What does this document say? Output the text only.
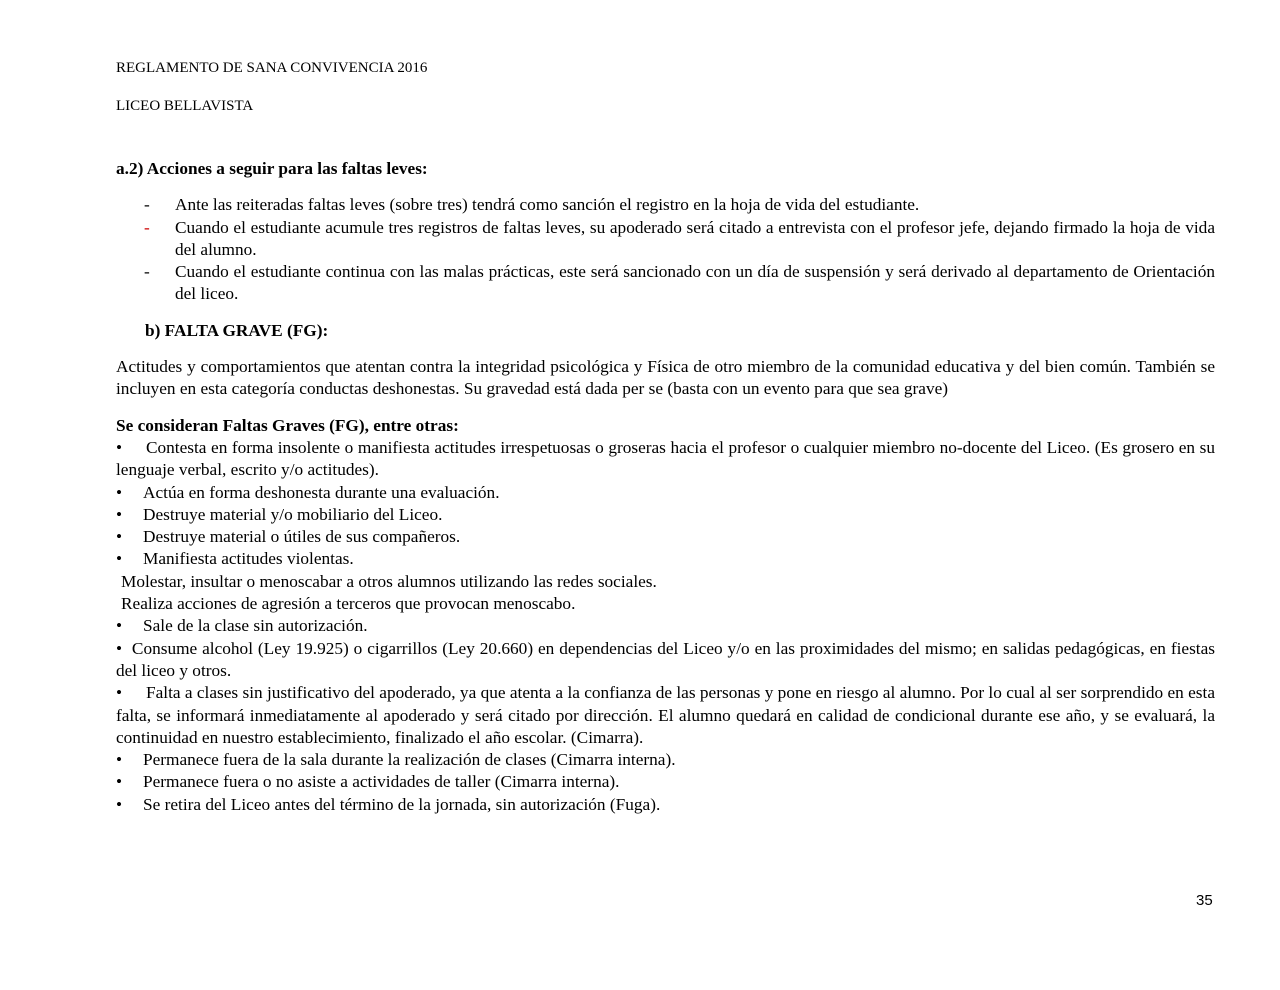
REGLAMENTO DE SANA CONVIVENCIA 2016
LICEO BELLAVISTA
a.2) Acciones a seguir para las faltas leves:
- Ante las reiteradas faltas leves (sobre tres) tendrá como sanción el registro en la hoja de vida del estudiante.
- Cuando el estudiante acumule tres registros de faltas leves, su apoderado será citado a entrevista con el profesor jefe, dejando firmado la hoja de vida del alumno.
- Cuando el estudiante continua con las malas prácticas, este será sancionado con un día de suspensión y será derivado al departamento de Orientación del liceo.
b) FALTA GRAVE (FG):
Actitudes y comportamientos que atentan contra la integridad psicológica y Física de otro miembro de la comunidad educativa y del bien común. También se incluyen en esta categoría conductas deshonestas. Su gravedad está dada per se (basta con un evento para que sea grave)
Se consideran Faltas Graves (FG), entre otras:
• Contesta en forma insolente o manifiesta actitudes irrespetuosas o groseras hacia el profesor o cualquier miembro no-docente del Liceo. (Es grosero en su lenguaje verbal, escrito y/o actitudes).
• Actúa en forma deshonesta durante una evaluación.
• Destruye material y/o mobiliario del Liceo.
• Destruye material o útiles de sus compañeros.
• Manifiesta actitudes violentas.
Molestar, insultar o menoscabar a otros alumnos utilizando las redes sociales.
Realiza acciones de agresión a terceros que provocan menoscabo.
• Sale de la clase sin autorización.
• Consume alcohol (Ley 19.925) o cigarrillos (Ley 20.660) en dependencias del Liceo y/o en las proximidades del mismo; en salidas pedagógicas, en fiestas del liceo y otros.
• Falta a clases sin justificativo del apoderado, ya que atenta a la confianza de las personas y pone en riesgo al alumno. Por lo cual al ser sorprendido en esta falta, se informará inmediatamente al apoderado y será citado por dirección. El alumno quedará en calidad de condicional durante ese año, y se evaluará, la continuidad en nuestro establecimiento, finalizado el año escolar. (Cimarra).
• Permanece fuera de la sala durante la realización de clases (Cimarra interna).
• Permanece fuera o no asiste a actividades de taller (Cimarra interna).
• Se retira del Liceo antes del término de la jornada, sin autorización (Fuga).
35
